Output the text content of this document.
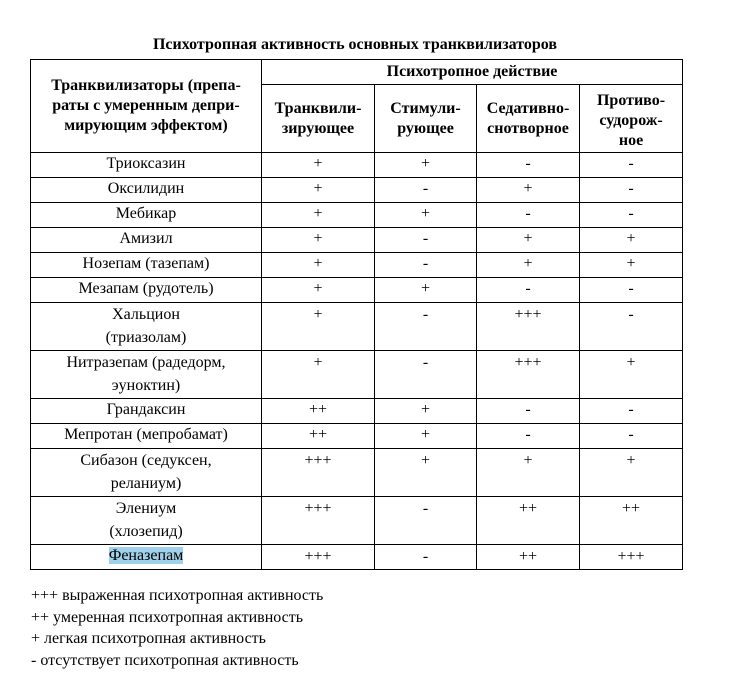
Психотропная активность основных транквилизаторов
Транквилизаторы (препа-
раты с умеренным депри-
мирующим эффектом)	Психотропное действие			
	Транквили-
зирующее	Стимули-
рующее	Седативно-
снотворное	Противо-
судорож-
ное
Триоксазин	+	+	-	-
Оксилидин	+	-	+	-
Мебикар	+	+	-	-
Амизил	+	-	+	+
Нозепам (тазепам)	+	-	+	+
Мезапам (рудотель)	+	+	-	-
Хальцион
(триазолам)	+	-	+++	-
Нитразепам (радедорм,
эуноктин)	+	-	+++	+
Грандаксин	++	+	-	-
Мепротан (мепробамат)	++	+	-	-
Сибазон (седуксен,
реланиум)	+++	+	+	+
Элениум
(хлозепид)	+++	-	++	++
Феназепам	+++	-	++	+++
+++ выраженная психотропная активность
++ умеренная психотропная активность
+ легкая психотропная активность
- отсутствует психотропная активность
